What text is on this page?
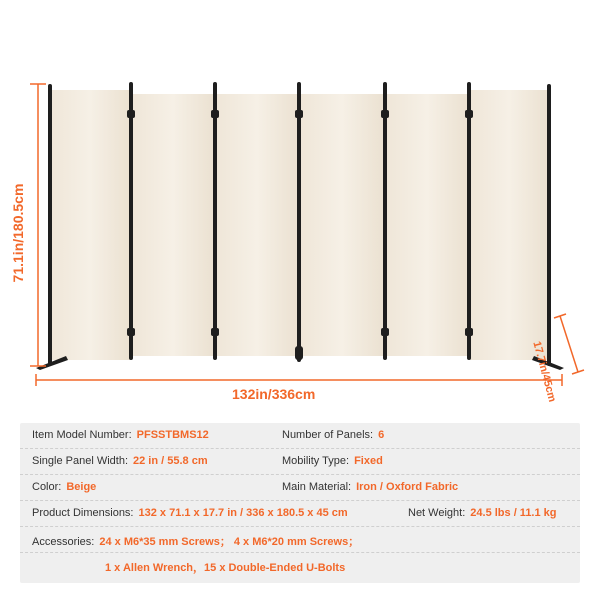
71.1in/180.5cm
132in/336cm	17.7in/45cm
Item Model Number: PFSSTBMS12	Number of Panels: 6
Single Panel Width: 22 in / 55.8 cm	Mobility Type: Fixed
Color: Beige	Main Material: Iron / Oxford Fabric
Product Dimensions: 132 x 71.1 x 17.7 in / 336 x 180.5 x 45 cm	Net Weight: 24.5 lbs / 11.1 kg
Accessories: 24 x M6*35 mm Screws； 4 x M6*20 mm Screws；
1 x Allen Wrench，15 x Double-Ended U-Bolts
